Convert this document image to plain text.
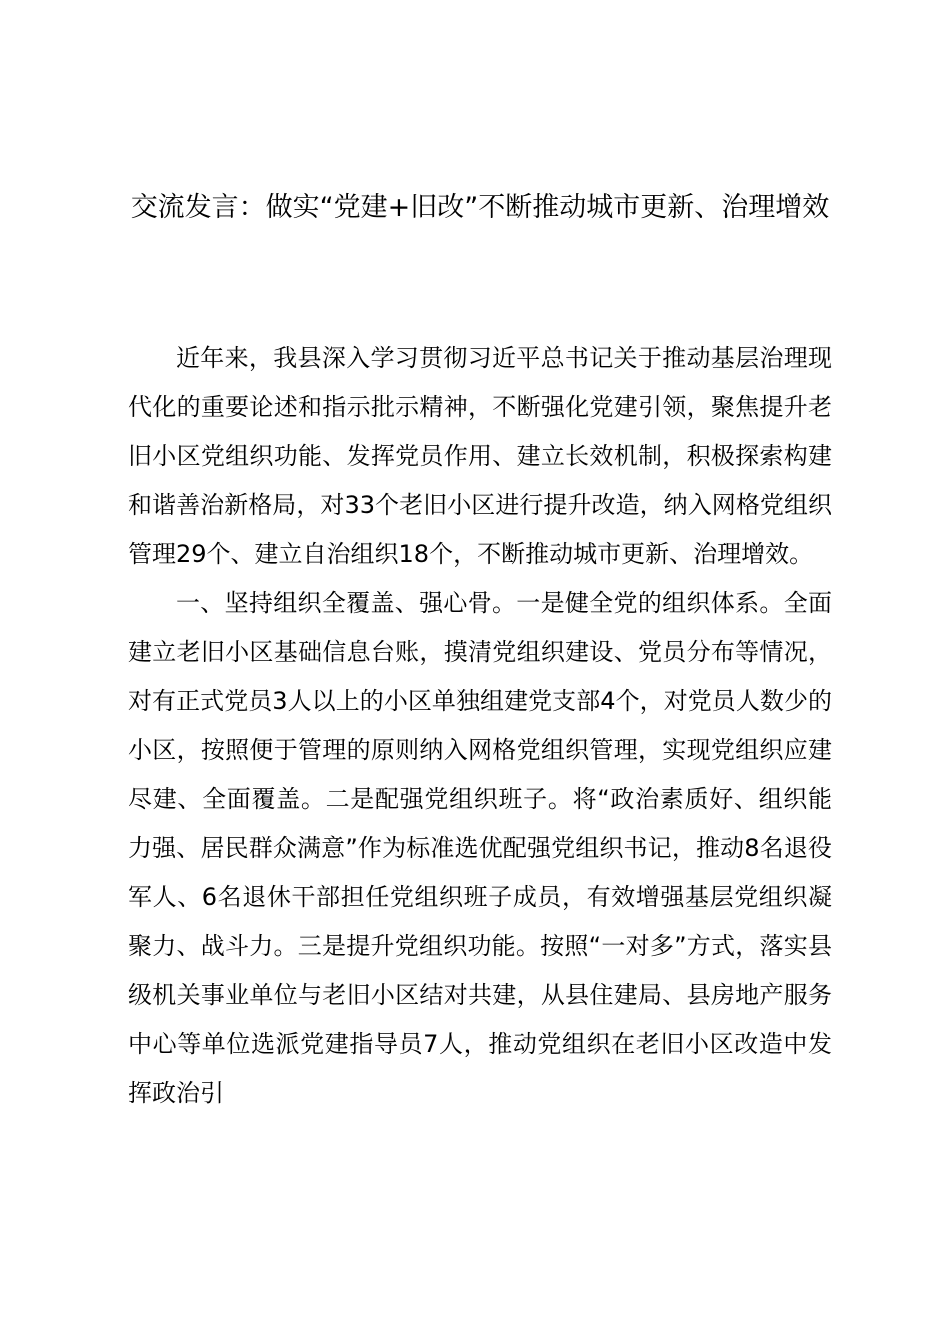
交流发言：做实“党建+旧改”不断推动城市更新、治理增效

近年来，我县深入学习贯彻习近平总书记关于推动基层治理现代化的重要论述和指示批示精神，不断强化党建引领，聚焦提升老旧小区党组织功能、发挥党员作用、建立长效机制，积极探索构建和谐善治新格局，对33个老旧小区进行提升改造，纳入网格党组织管理29个、建立自治组织18个，不断推动城市更新、治理增效。

一、坚持组织全覆盖、强心骨。一是健全党的组织体系。全面建立老旧小区基础信息台账，摸清党组织建设、党员分布等情况，对有正式党员3人以上的小区单独组建党支部4个，对党员人数少的小区，按照便于管理的原则纳入网格党组织管理，实现党组织应建尽建、全面覆盖。二是配强党组织班子。将“政治素质好、组织能力强、居民群众满意”作为标准选优配强党组织书记，推动8名退役军人、6名退休干部担任党组织班子成员，有效增强基层党组织凝聚力、战斗力。三是提升党组织功能。按照“一对多”方式，落实县级机关事业单位与老旧小区结对共建，从县住建局、县房地产服务中心等单位选派党建指导员7人，推动党组织在老旧小区改造中发挥政治引
